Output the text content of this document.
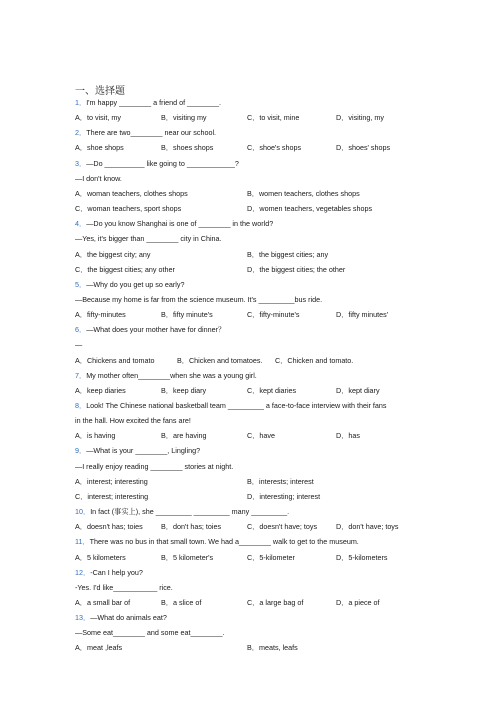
一、选择题
1．I'm happy ________ a friend of ________.
A．to visit, my	B．visiting my	C．to visit, mine	D．visiting, my
2．There are two________ near our school.
A．shoe shops	B．shoes shops	C．shoe's shops	D．shoes' shops
3．—Do __________ like going to ____________?
—I don't know.
A．woman teachers, clothes shops	B．women teachers, clothes shops
C．woman teachers, sport shops	D．women teachers, vegetables shops
4．—Do you know Shanghai is one of ________ in the world?
—Yes, it's bigger than ________ city in China.
A．the biggest city; any	B．the biggest cities; any
C．the biggest cities; any other	D．the biggest cities; the other
5．—Why do you get up so early?
—Because my home is far from the science museum. It's _________bus ride.
A．fifty-minutes	B．fifty minute's	C．fifty-minute's	D．fifty minutes'
6．—What does your mother have for dinner？
—
A．Chickens and tomato	B．Chicken and tomatoes. C．Chicken and tomato.
7．My mother often________when she was a young girl.
A．keep diaries	B．keep diary	C．kept diaries	D．kept diary
8．Look! The Chinese national basketball team _________ a face-to-face interview with their fans
in the hall. How excited the fans are!
A．is having	B．are having	C．have	D．has
9．—What is your ________, Lingling?
—I really enjoy reading ________ stories at night.
A．interest; interesting	B．interests; interest
C．interest; interesting	D．interesting; interest
10．In fact (事实上), she _________ _________ many _________.
A．doesn't has; toies	B．don't has; toies	C．doesn't have; toys	D．don't have; toys
11．There was no bus in that small town. We had a________ walk to get to the museum.
A．5 kilometers	B．5 kilometer's	C．5-kilometer	D．5-kilometers
12．-Can I help you?
-Yes. I'd like___________ rice.
A．a small bar of	B．a slice of	C．a large bag of	D．a piece of
13．—What do animals eat?
—Some eat________ and some eat________.
A．meat ,leafs	B．meats, leafs
